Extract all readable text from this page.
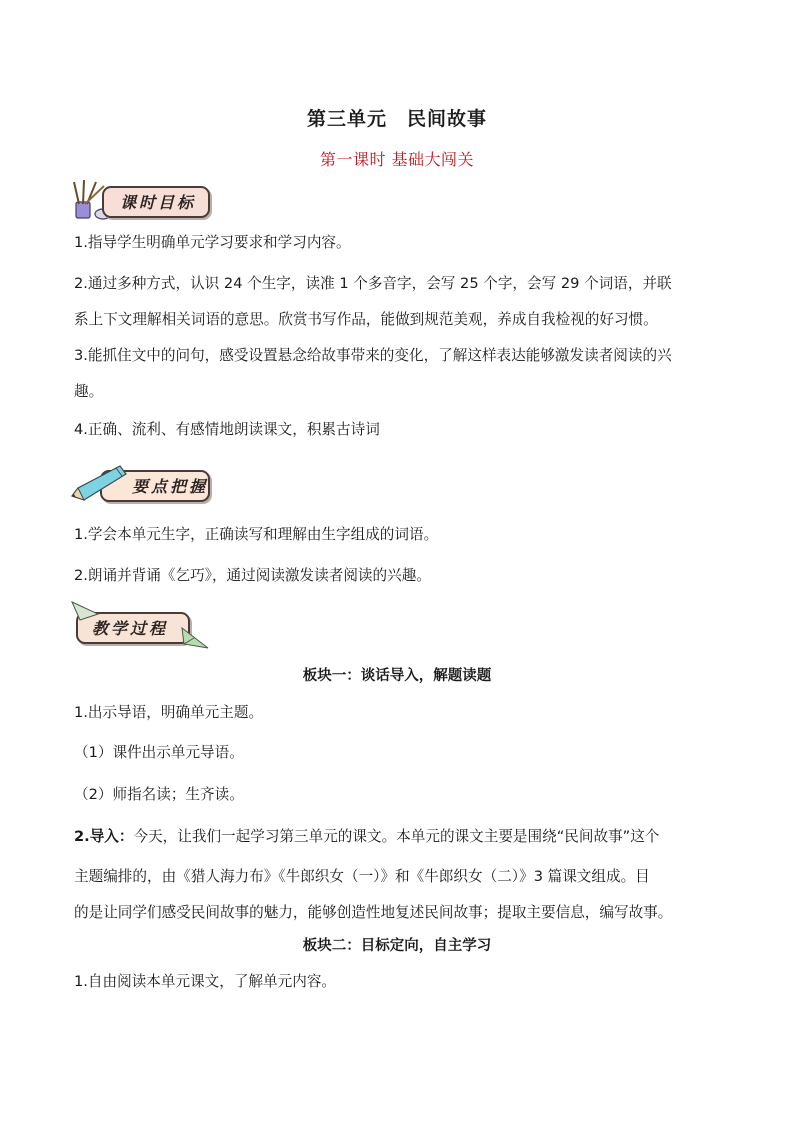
第三单元　民间故事
第一课时 基础大闯关
课时目标
1.指导学生明确单元学习要求和学习内容。
2.通过多种方式，认识 24 个生字，读准 1 个多音字，会写 25 个字，会写 29 个词语，并联
系上下文理解相关词语的意思。欣赏书写作品，能做到规范美观，养成自我检视的好习惯。
3.能抓住文中的问句，感受设置悬念给故事带来的变化，了解这样表达能够激发读者阅读的兴
趣。
4.正确、流利、有感情地朗读课文，积累古诗词
要点把握
1.学会本单元生字，正确读写和理解由生字组成的词语。
2.朗诵并背诵《乞巧》，通过阅读激发读者阅读的兴趣。
教学过程
板块一：谈话导入，解题读题
1.出示导语，明确单元主题。
（1）课件出示单元导语。
（2）师指名读；生齐读。
2.导入：今天，让我们一起学习第三单元的课文。本单元的课文主要是围绕“民间故事”这个
主题编排的，由《猎人海力布》《牛郎织女（一）》和《牛郎织女（二）》3 篇课文组成。目
的是让同学们感受民间故事的魅力，能够创造性地复述民间故事；提取主要信息，编写故事。
板块二：目标定向，自主学习
1.自由阅读本单元课文，了解单元内容。
